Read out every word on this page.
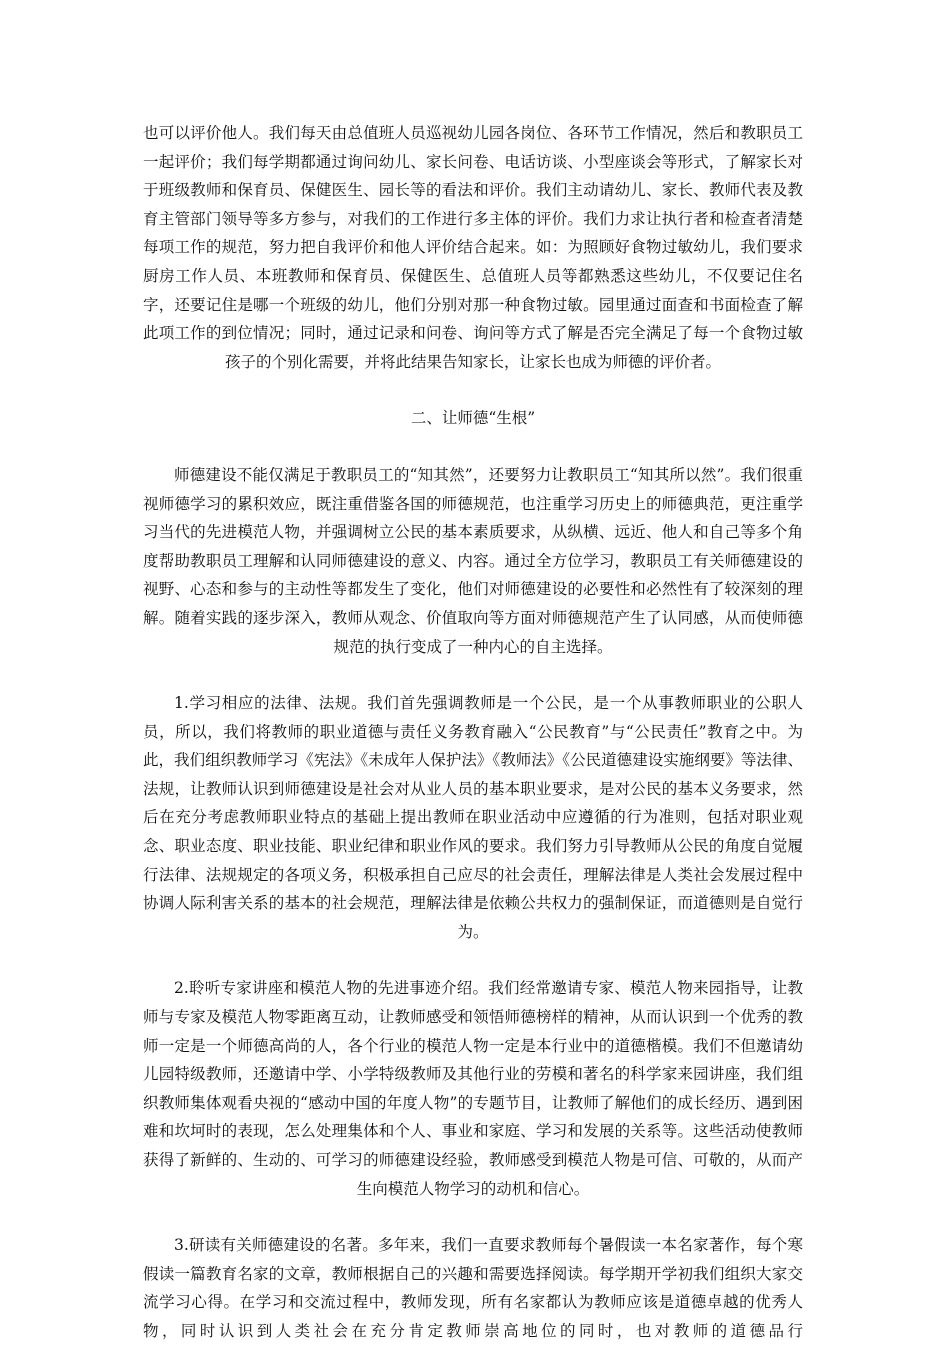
也可以评价他人。我们每天由总值班人员巡视幼儿园各岗位、各环节工作情况，然后和教职员工一起评价；我们每学期都通过询问幼儿、家长问卷、电话访谈、小型座谈会等形式，了解家长对于班级教师和保育员、保健医生、园长等的看法和评价。我们主动请幼儿、家长、教师代表及教育主管部门领导等多方参与，对我们的工作进行多主体的评价。我们力求让执行者和检查者清楚每项工作的规范，努力把自我评价和他人评价结合起来。如：为照顾好食物过敏幼儿，我们要求厨房工作人员、本班教师和保育员、保健医生、总值班人员等都熟悉这些幼儿，不仅要记住名字，还要记住是哪一个班级的幼儿，他们分别对那一种食物过敏。园里通过面查和书面检查了解此项工作的到位情况；同时，通过记录和问卷、询问等方式了解是否完全满足了每一个食物过敏孩子的个别化需要，并将此结果告知家长，让家长也成为师德的评价者。

二、让师德“生根”

师德建设不能仅满足于教职员工的“知其然”，还要努力让教职员工“知其所以然”。我们很重视师德学习的累积效应，既注重借鉴各国的师德规范，也注重学习历史上的师德典范，更注重学习当代的先进模范人物，并强调树立公民的基本素质要求，从纵横、远近、他人和自己等多个角度帮助教职员工理解和认同师德建设的意义、内容。通过全方位学习，教职员工有关师德建设的视野、心态和参与的主动性等都发生了变化，他们对师德建设的必要性和必然性有了较深刻的理解。随着实践的逐步深入，教师从观念、价值取向等方面对师德规范产生了认同感，从而使师德规范的执行变成了一种内心的自主选择。

1.学习相应的法律、法规。我们首先强调教师是一个公民，是一个从事教师职业的公职人员，所以，我们将教师的职业道德与责任义务教育融入“公民教育”与“公民责任”教育之中。为此，我们组织教师学习《宪法》《未成年人保护法》《教师法》《公民道德建设实施纲要》等法律、法规，让教师认识到师德建设是社会对从业人员的基本职业要求，是对公民的基本义务要求，然后在充分考虑教师职业特点的基础上提出教师在职业活动中应遵循的行为准则，包括对职业观念、职业态度、职业技能、职业纪律和职业作风的要求。我们努力引导教师从公民的角度自觉履行法律、法规规定的各项义务，积极承担自己应尽的社会责任，理解法律是人类社会发展过程中协调人际利害关系的基本的社会规范，理解法律是依赖公共权力的强制保证，而道德则是自觉行为。

2.聆听专家讲座和模范人物的先进事迹介绍。我们经常邀请专家、模范人物来园指导，让教师与专家及模范人物零距离互动，让教师感受和领悟师德榜样的精神，从而认识到一个优秀的教师一定是一个师德高尚的人，各个行业的模范人物一定是本行业中的道德楷模。我们不但邀请幼儿园特级教师，还邀请中学、小学特级教师及其他行业的劳模和著名的科学家来园讲座，我们组织教师集体观看央视的“感动中国的年度人物”的专题节目，让教师了解他们的成长经历、遇到困难和坎坷时的表现，怎么处理集体和个人、事业和家庭、学习和发展的关系等。这些活动使教师获得了新鲜的、生动的、可学习的师德建设经验，教师感受到模范人物是可信、可敬的，从而产生向模范人物学习的动机和信心。

3.研读有关师德建设的名著。多年来，我们一直要求教师每个暑假读一本名家著作，每个寒假读一篇教育名家的文章，教师根据自己的兴趣和需要选择阅读。每学期开学初我们组织大家交流学习心得。在学习和交流过程中，教师发现，所有名家都认为教师应该是道德卓越的优秀人物，同时认识到人类社会在充分肯定教师崇高地位的同时，也对教师的道德品行
